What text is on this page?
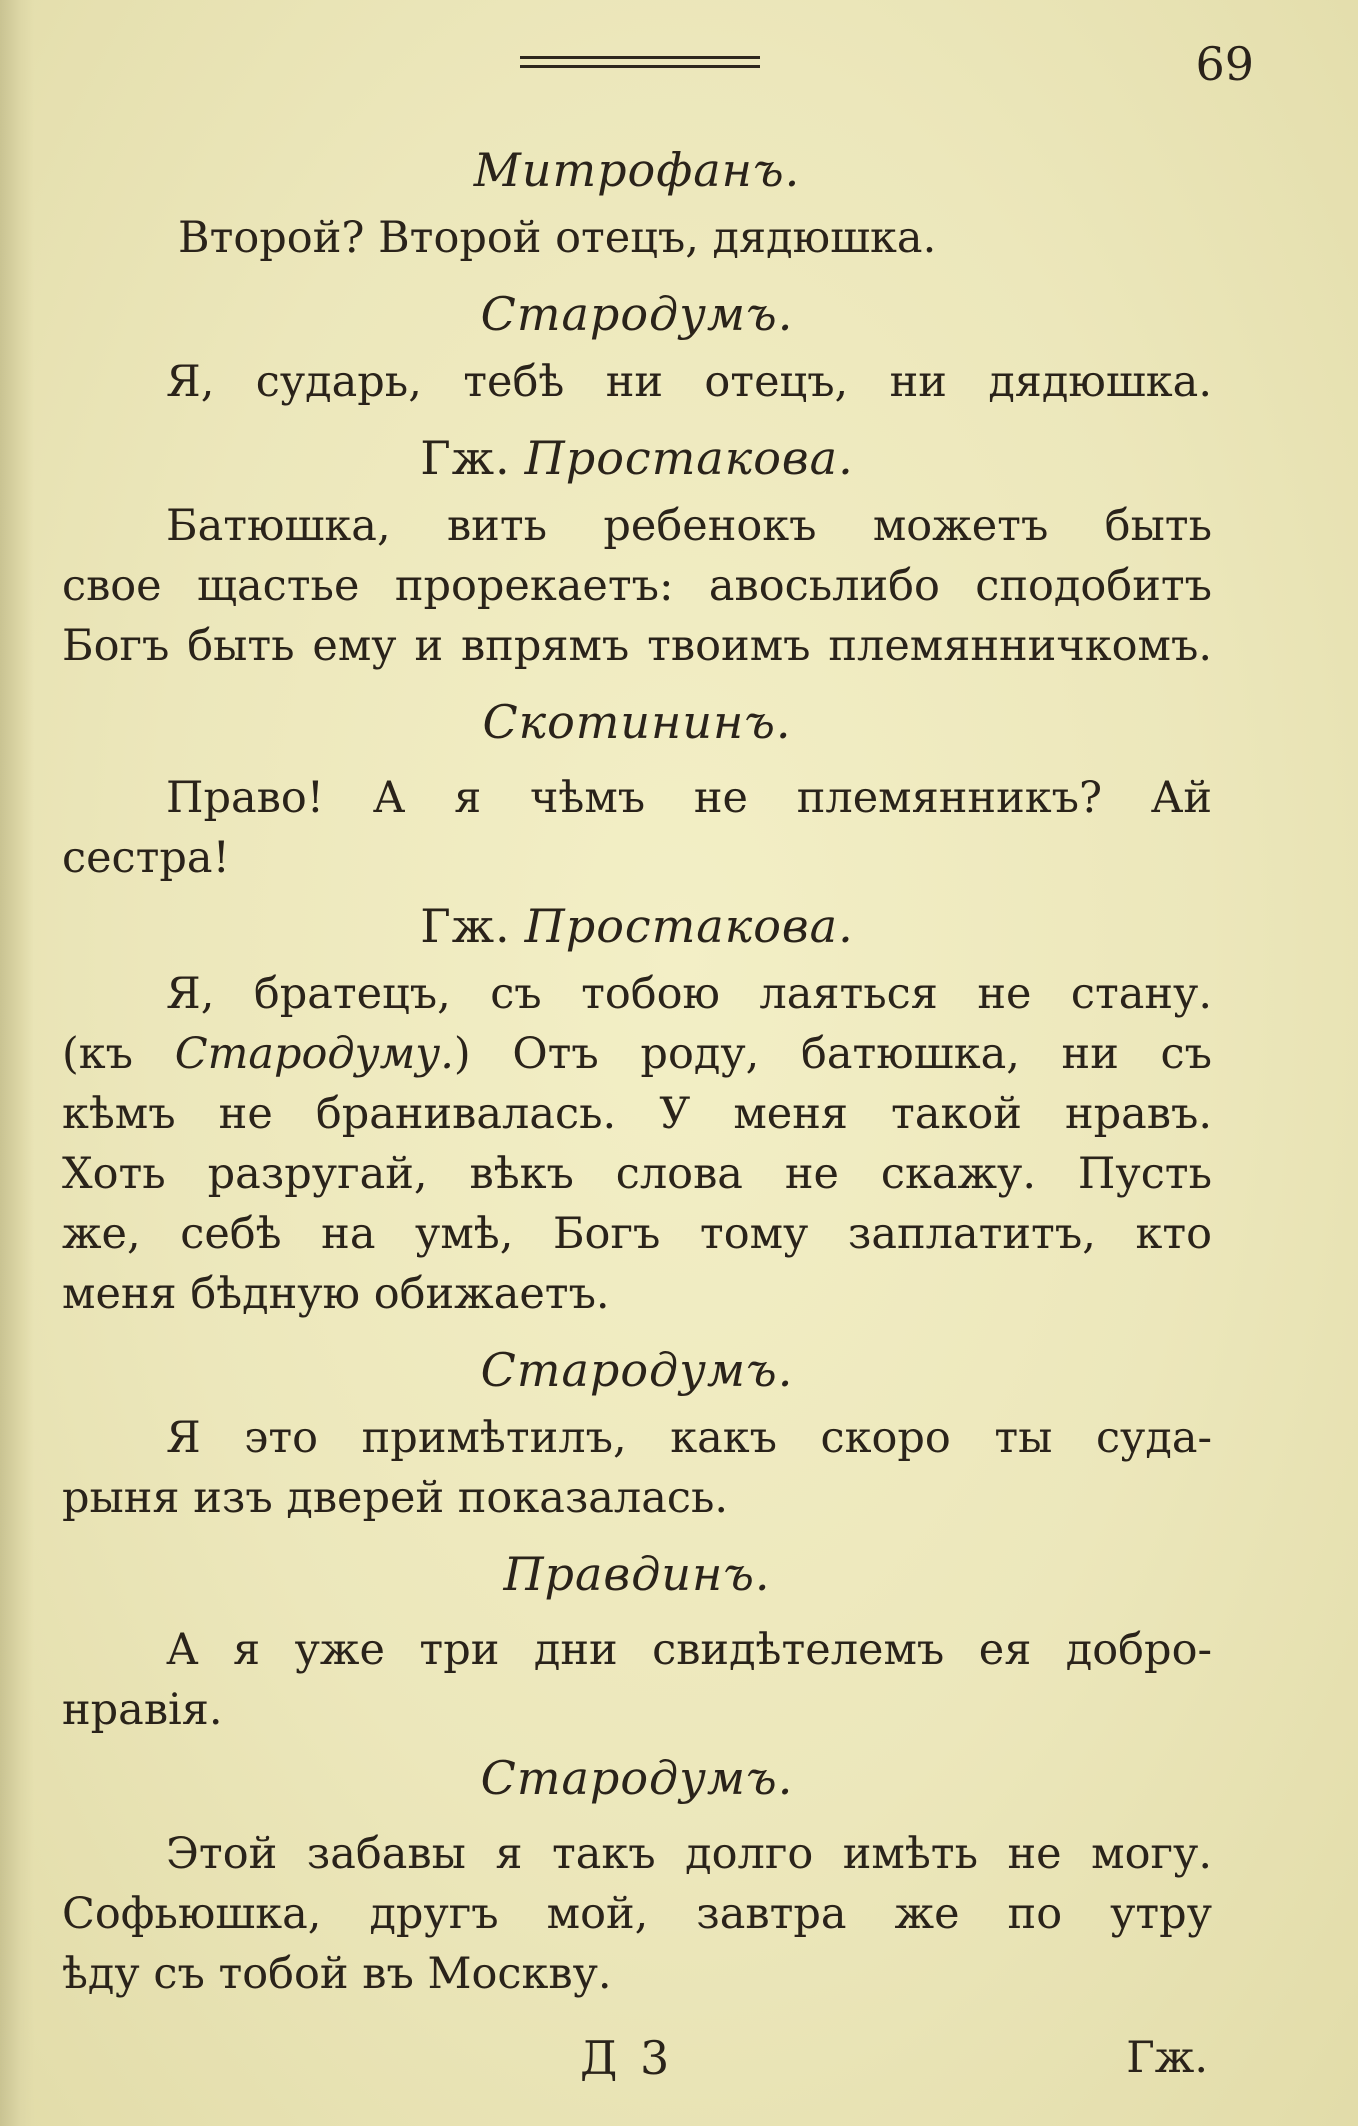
69

Митрофанъ.

Второй? Второй отецъ, дядюшка.

Стародумъ.

Я, сударь, тебѣ ни отецъ, ни дядюшка.

Гж. Простакова.

Батюшка, вить ребенокъ можетъ быть

свое щастье прорекаетъ: авосьлибо сподобитъ

Богъ быть ему и впрямъ твоимъ племянничкомъ.

Скотининъ.

Право! А я чѣмъ не племянникъ? Ай

сестра!

Гж. Простакова.

Я, братецъ, съ тобою лаяться не стану.

(къ Стародуму.) Отъ роду, батюшка, ни съ

кѣмъ не бранивалась. У меня такой нравъ.

Хоть разругай, вѣкъ слова не скажу. Пусть

же, себѣ на умѣ, Богъ тому заплатитъ, кто

меня бѣдную обижаетъ.

Стародумъ.

Я это примѣтилъ, какъ скоро ты суда-

рыня изъ дверей показалась.

Правдинъ.

А я уже три дни свидѣтелемъ ея добро-

нравія.

Стародумъ.

Этой забавы я такъ долго имѣть не могу.

Софьюшка, другъ мой, завтра же по утру

ѣду съ тобой въ Москву.

Д 3	Гж.
